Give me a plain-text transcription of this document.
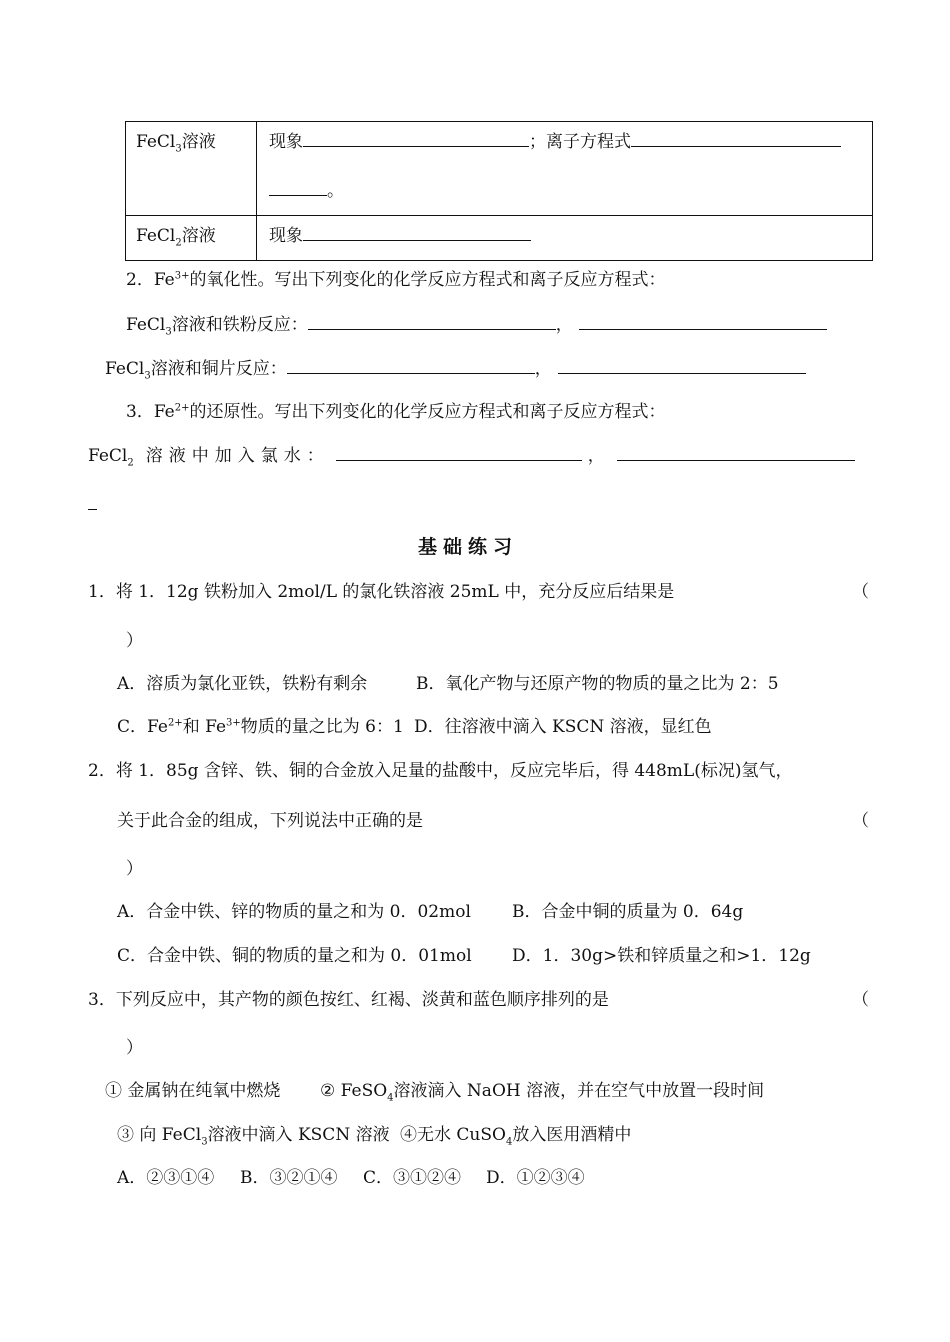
FeCl$_3$溶液	现象 ；离子方程式
。

FeCl$_2$溶液	现象
2．$Fe^{3+}$的氧化性。写出下列变化的化学反应方程式和离子反应方程式：
FeCl$_3$溶液和铁粉反应：	，
FeCl$_3$溶液和铜片反应：	，
3．$Fe^{2+}$的还原性。写出下列变化的化学反应方程式和离子反应方程式：
FeCl$_2$ 溶液中加入氯水：	，
基础练习
1．将 1．12g 铁粉加入 2mol/L 的氯化铁溶液 25mL 中，充分反应后结果是	（
）
A．溶质为氯化亚铁，铁粉有剩余	B．氧化产物与还原产物的物质的量之比为 2：5
C．$Fe^{2+}$和 $Fe^{3+}$物质的量之比为 6：1 D．往溶液中滴入 KSCN 溶液，显红色
2．将 1．85g 含锌、铁、铜的合金放入足量的盐酸中，反应完毕后，得 448mL(标况)氢气，
关于此合金的组成，下列说法中正确的是	（
）
A．合金中铁、锌的物质的量之和为 0．02mol B．合金中铜的质量为 0．64g
C．合金中铁、铜的物质的量之和为 0．01mol D．1．30g>铁和锌质量之和>1．12g
3．下列反应中，其产物的颜色按红、红褐、淡黄和蓝色顺序排列的是	（
）
① 金属钠在纯氧中燃烧 ② FeSO$_4$溶液滴入 NaOH 溶液，并在空气中放置一段时间
③ 向 FeCl$_3$溶液中滴入 KSCN 溶液 ④无水 CuSO$_4$放入医用酒精中
A．②③①④ B．③②①④ C．③①②④ D．①②③④
